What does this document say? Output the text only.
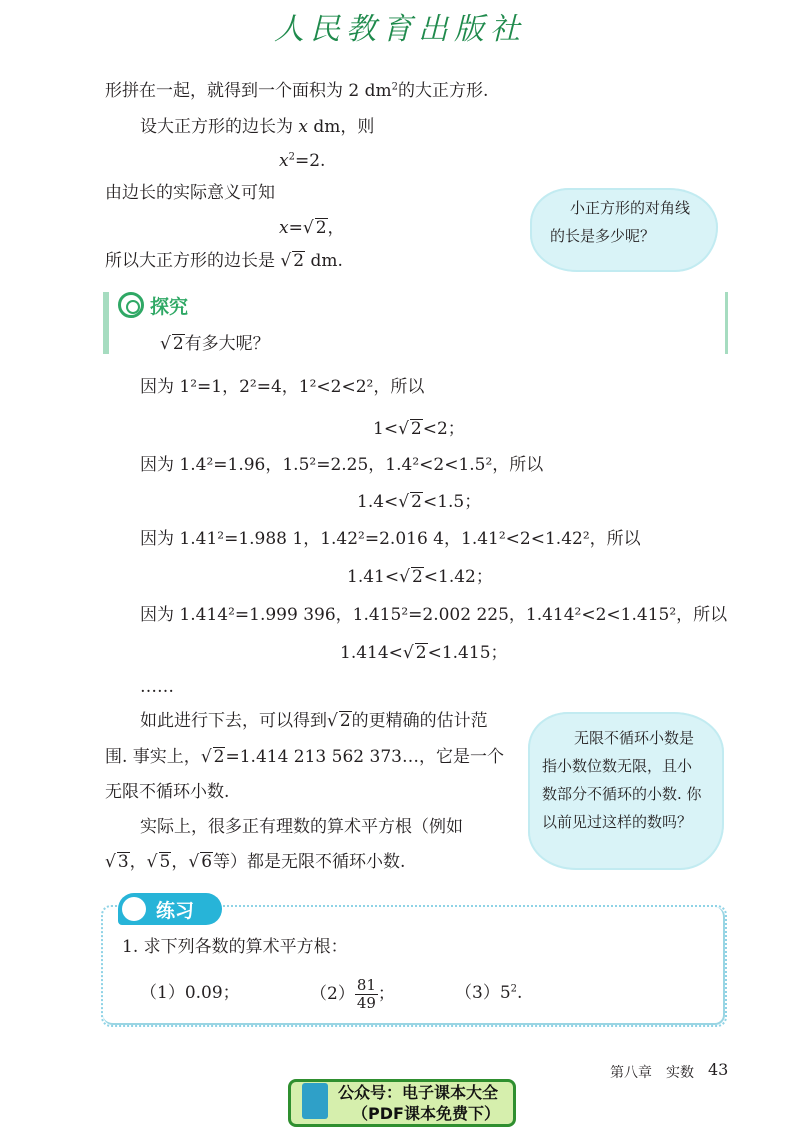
人民教育出版社
形拼在一起，就得到一个面积为 2 $dm^2$的大正方形.
设大正方形的边长为 x dm，则
$x^2=2$.
由边长的实际意义可知
x=√ 2，
所以大正方形的边长是 √ 2 dm.
小正方形的对角线
的长是多少呢？
探究
√ 2有多大呢？
因为 1²=1，2²=4，1²<2<2²，所以
1<√ 2<2；
因为 1.4²=1.96，1.5²=2.25，1.4²<2<1.5²，所以
1.4<√ 2<1.5；
因为 1.41²=1.988 1，1.42²=2.016 4，1.41²<2<1.42²，所以
1.41<√ 2<1.42；
因为 1.414²=1.999 396，1.415²=2.002 225，1.414²<2<1.415²，所以
1.414<√ 2<1.415；
……
如此进行下去，可以得到√ 2的更精确的估计范
围. 事实上，√ 2=1.414 213 562 373…，它是一个
无限不循环小数.
实际上，很多正有理数的算术平方根（例如
√ 3，√ 5，√ 6等）都是无限不循环小数.
无限不循环小数是
指小数位数无限，且小
数部分不循环的小数. 你
以前见过这样的数吗？
练习
1. 求下列各数的算术平方根：
（1）0.09；	$(2) \frac{81}{49}$ ；	$(3)5^2$.
第八章　实数 43
公众号：电子课本大全
（PDF课本免费下）
